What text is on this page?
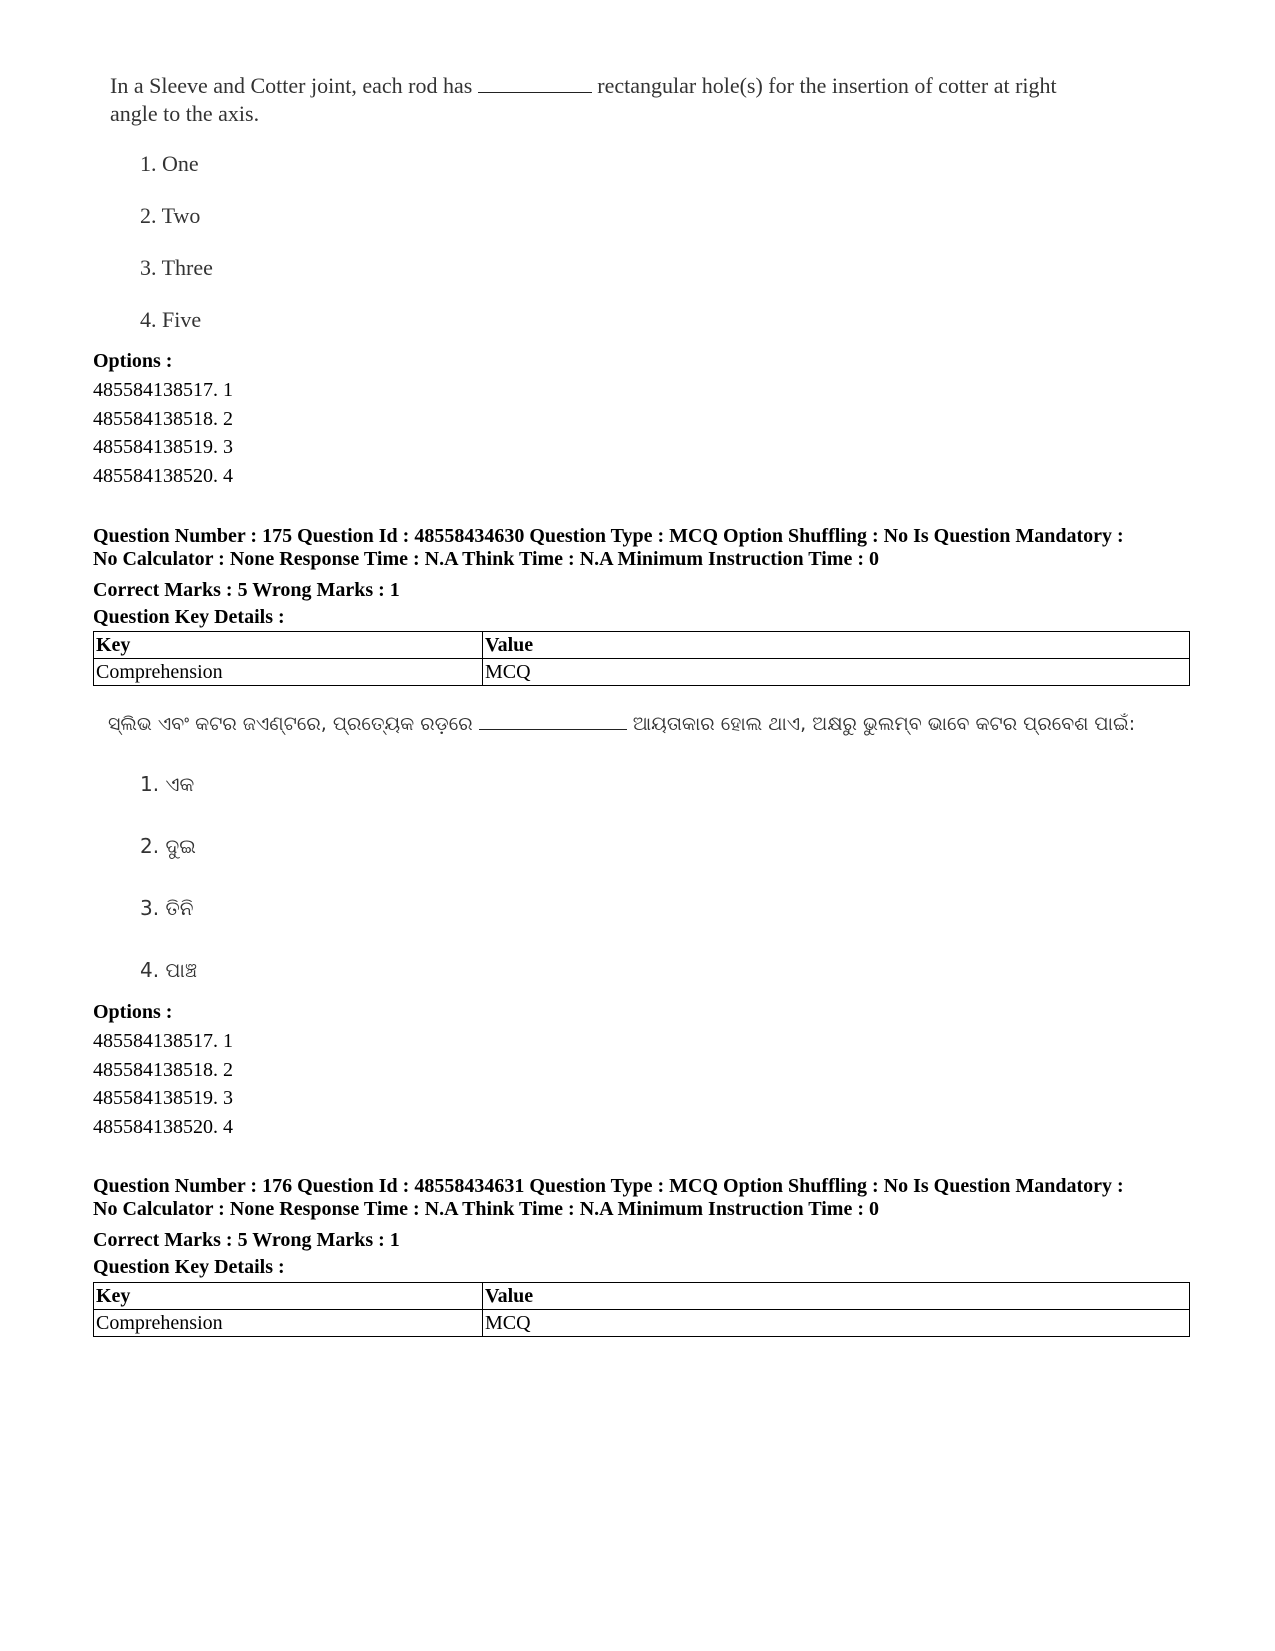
In a Sleeve and Cotter joint, each rod has	rectangular hole(s) for the insertion of cotter at right
angle to the axis.
1. One
2. Two
3. Three
4. Five
Options :
485584138517. 1
485584138518. 2
485584138519. 3
485584138520. 4
Question Number : 175 Question Id : 48558434630 Question Type : MCQ Option Shuffling : No Is Question Mandatory :
No Calculator : None Response Time : N.A Think Time : N.A Minimum Instruction Time : 0
Correct Marks : 5 Wrong Marks : 1
Question Key Details :
Key	Value
Comprehension	MCQ
ସ୍ଲିଭ ଏବଂ କଟର ଜଏଣ୍ଟରେ, ପ୍ରତ୍ୟେକ ରଡ଼ରେ	ଆୟତାକାର ହୋଲ ଥାଏ, ଅକ୍ଷରୁ ଭୁଲମ୍ବ ଭାବେ କଟର ପ୍ରବେଶ ପାଇଁ:
1. ଏକ
2. ଦୁଇ
3. ତିନି
4. ପାଞ୍ଚ
Options :
485584138517. 1
485584138518. 2
485584138519. 3
485584138520. 4
Question Number : 176 Question Id : 48558434631 Question Type : MCQ Option Shuffling : No Is Question Mandatory :
No Calculator : None Response Time : N.A Think Time : N.A Minimum Instruction Time : 0
Correct Marks : 5 Wrong Marks : 1
Question Key Details :
Key	Value
Comprehension	MCQ
